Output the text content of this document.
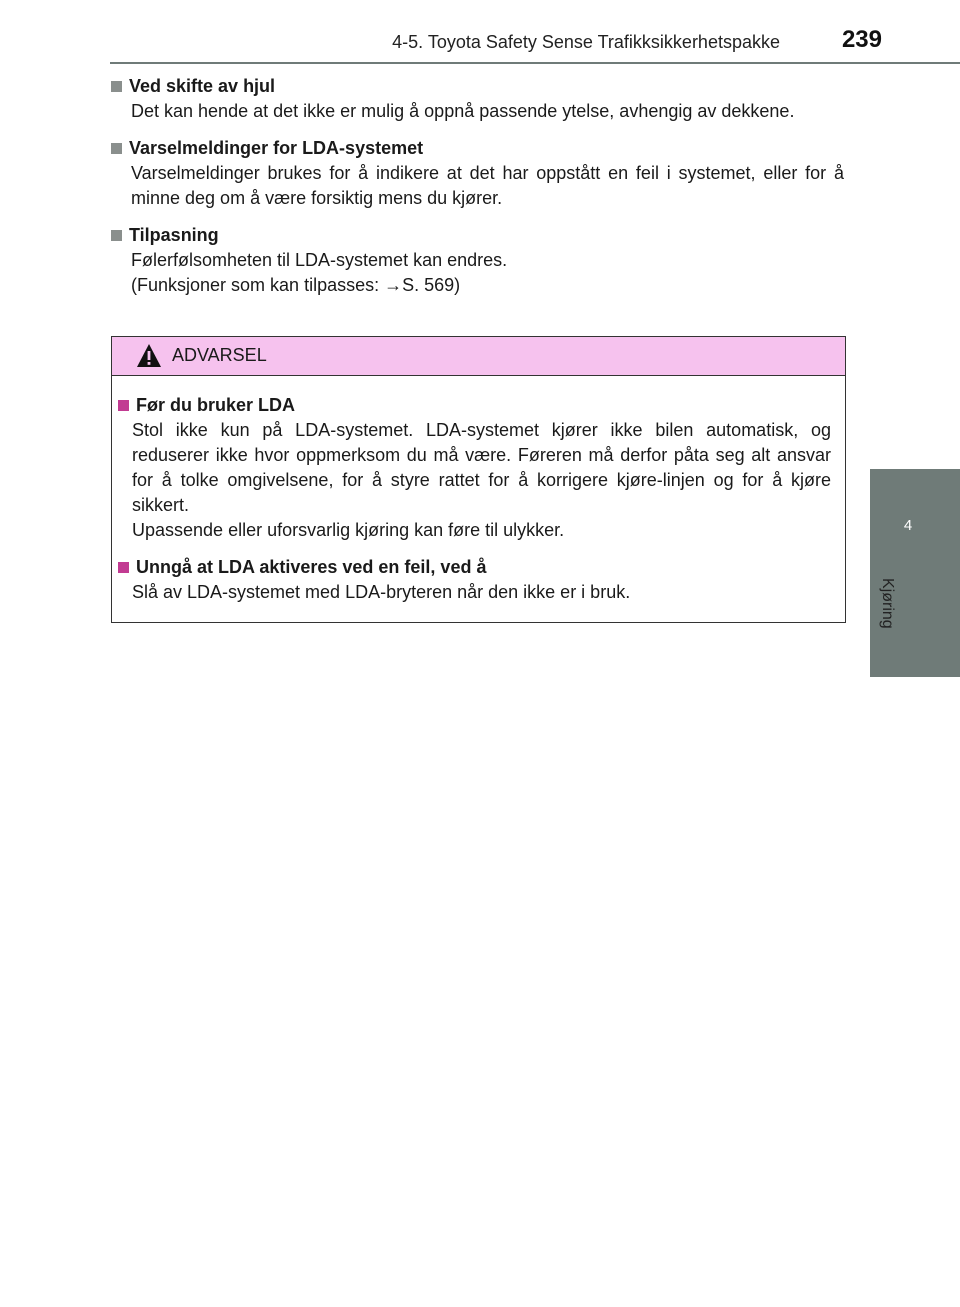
4-5. Toyota Safety Sense Trafikksikkerhetspakke	239
4
Kjøring
Ved skifte av hjul
Det kan hende at det ikke er mulig å oppnå passende ytelse, avhengig av dekkene.
Varselmeldinger for LDA-systemet
Varselmeldinger brukes for å indikere at det har oppstått en feil i systemet, eller for å minne deg om å være forsiktig mens du kjører.
Tilpasning
Følerfølsomheten til LDA-systemet kan endres.
(Funksjoner som kan tilpasses: →S. 569)
ADVARSEL
Før du bruker LDA
Stol ikke kun på LDA-systemet. LDA-systemet kjører ikke bilen automatisk, og reduserer ikke hvor oppmerksom du må være. Føreren må derfor påta seg alt ansvar for å tolke omgivelsene, for å styre rattet for å korrigere kjøre-linjen og for å kjøre sikkert.
Upassende eller uforsvarlig kjøring kan føre til ulykker.
Unngå at LDA aktiveres ved en feil, ved å
Slå av LDA-systemet med LDA-bryteren når den ikke er i bruk.
